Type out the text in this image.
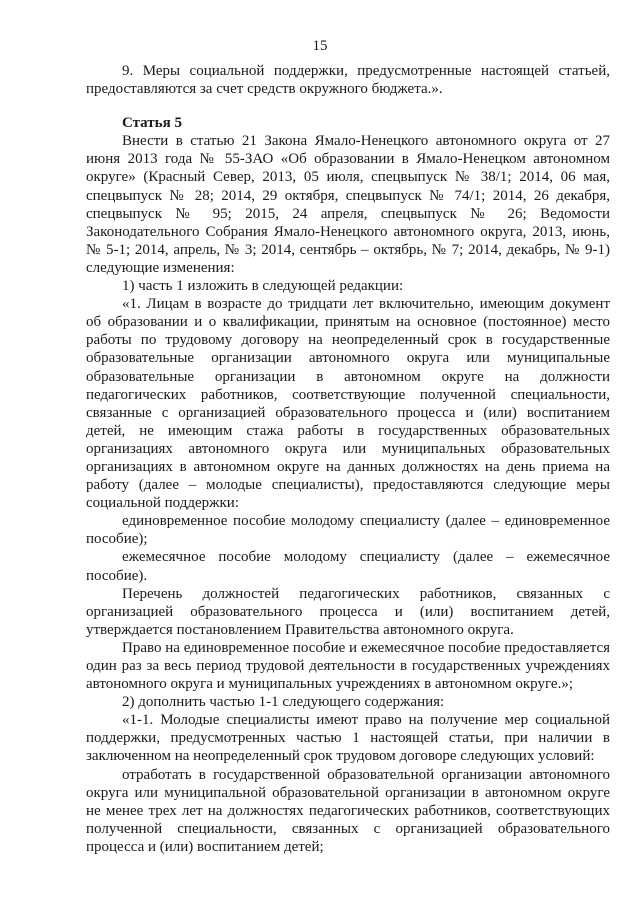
15

9. Меры социальной поддержки, предусмотренные настоящей статьей, предоставляются за счет средств окружного бюджета.».

Статья 5

Внести в статью 21 Закона Ямало-Ненецкого автономного округа от 27 июня 2013 года № 55-ЗАО «Об образовании в Ямало-Ненецком автономном округе» (Красный Север, 2013, 05 июля, спецвыпуск № 38/1; 2014, 06 мая, спецвыпуск № 28; 2014, 29 октября, спецвыпуск № 74/1; 2014, 26 декабря, спецвыпуск № 95; 2015, 24 апреля, спецвыпуск № 26; Ведомости Законодательного Собрания Ямало-Ненецкого автономного округа, 2013, июнь, № 5-1; 2014, апрель, № 3; 2014, сентябрь – октябрь, № 7; 2014, декабрь, № 9-1) следующие изменения:

1) часть 1 изложить в следующей редакции:

«1. Лицам в возрасте до тридцати лет включительно, имеющим документ об образовании и о квалификации, принятым на основное (постоянное) место работы по трудовому договору на неопределенный срок в государственные образовательные организации автономного округа или муниципальные образовательные организации в автономном округе на должности педагогических работников, соответствующие полученной специальности, связанные с организацией образовательного процесса и (или) воспитанием детей, не имеющим стажа работы в государственных образовательных организациях автономного округа или муниципальных образовательных организациях в автономном округе на данных должностях на день приема на работу (далее – молодые специалисты), предоставляются следующие меры социальной поддержки:

единовременное пособие молодому специалисту (далее – единовременное пособие);

ежемесячное пособие молодому специалисту (далее – ежемесячное пособие).

Перечень должностей педагогических работников, связанных с организацией образовательного процесса и (или) воспитанием детей, утверждается постановлением Правительства автономного округа.

Право на единовременное пособие и ежемесячное пособие предоставляется один раз за весь период трудовой деятельности в государственных учреждениях автономного округа и муниципальных учреждениях в автономном округе.»;

2) дополнить частью 1-1 следующего содержания:

«1-1. Молодые специалисты имеют право на получение мер социальной поддержки, предусмотренных частью 1 настоящей статьи, при наличии в заключенном на неопределенный срок трудовом договоре следующих условий:

отработать в государственной образовательной организации автономного округа или муниципальной образовательной организации в автономном округе не менее трех лет на должностях педагогических работников, соответствующих полученной специальности, связанных с организацией образовательного процесса и (или) воспитанием детей;
